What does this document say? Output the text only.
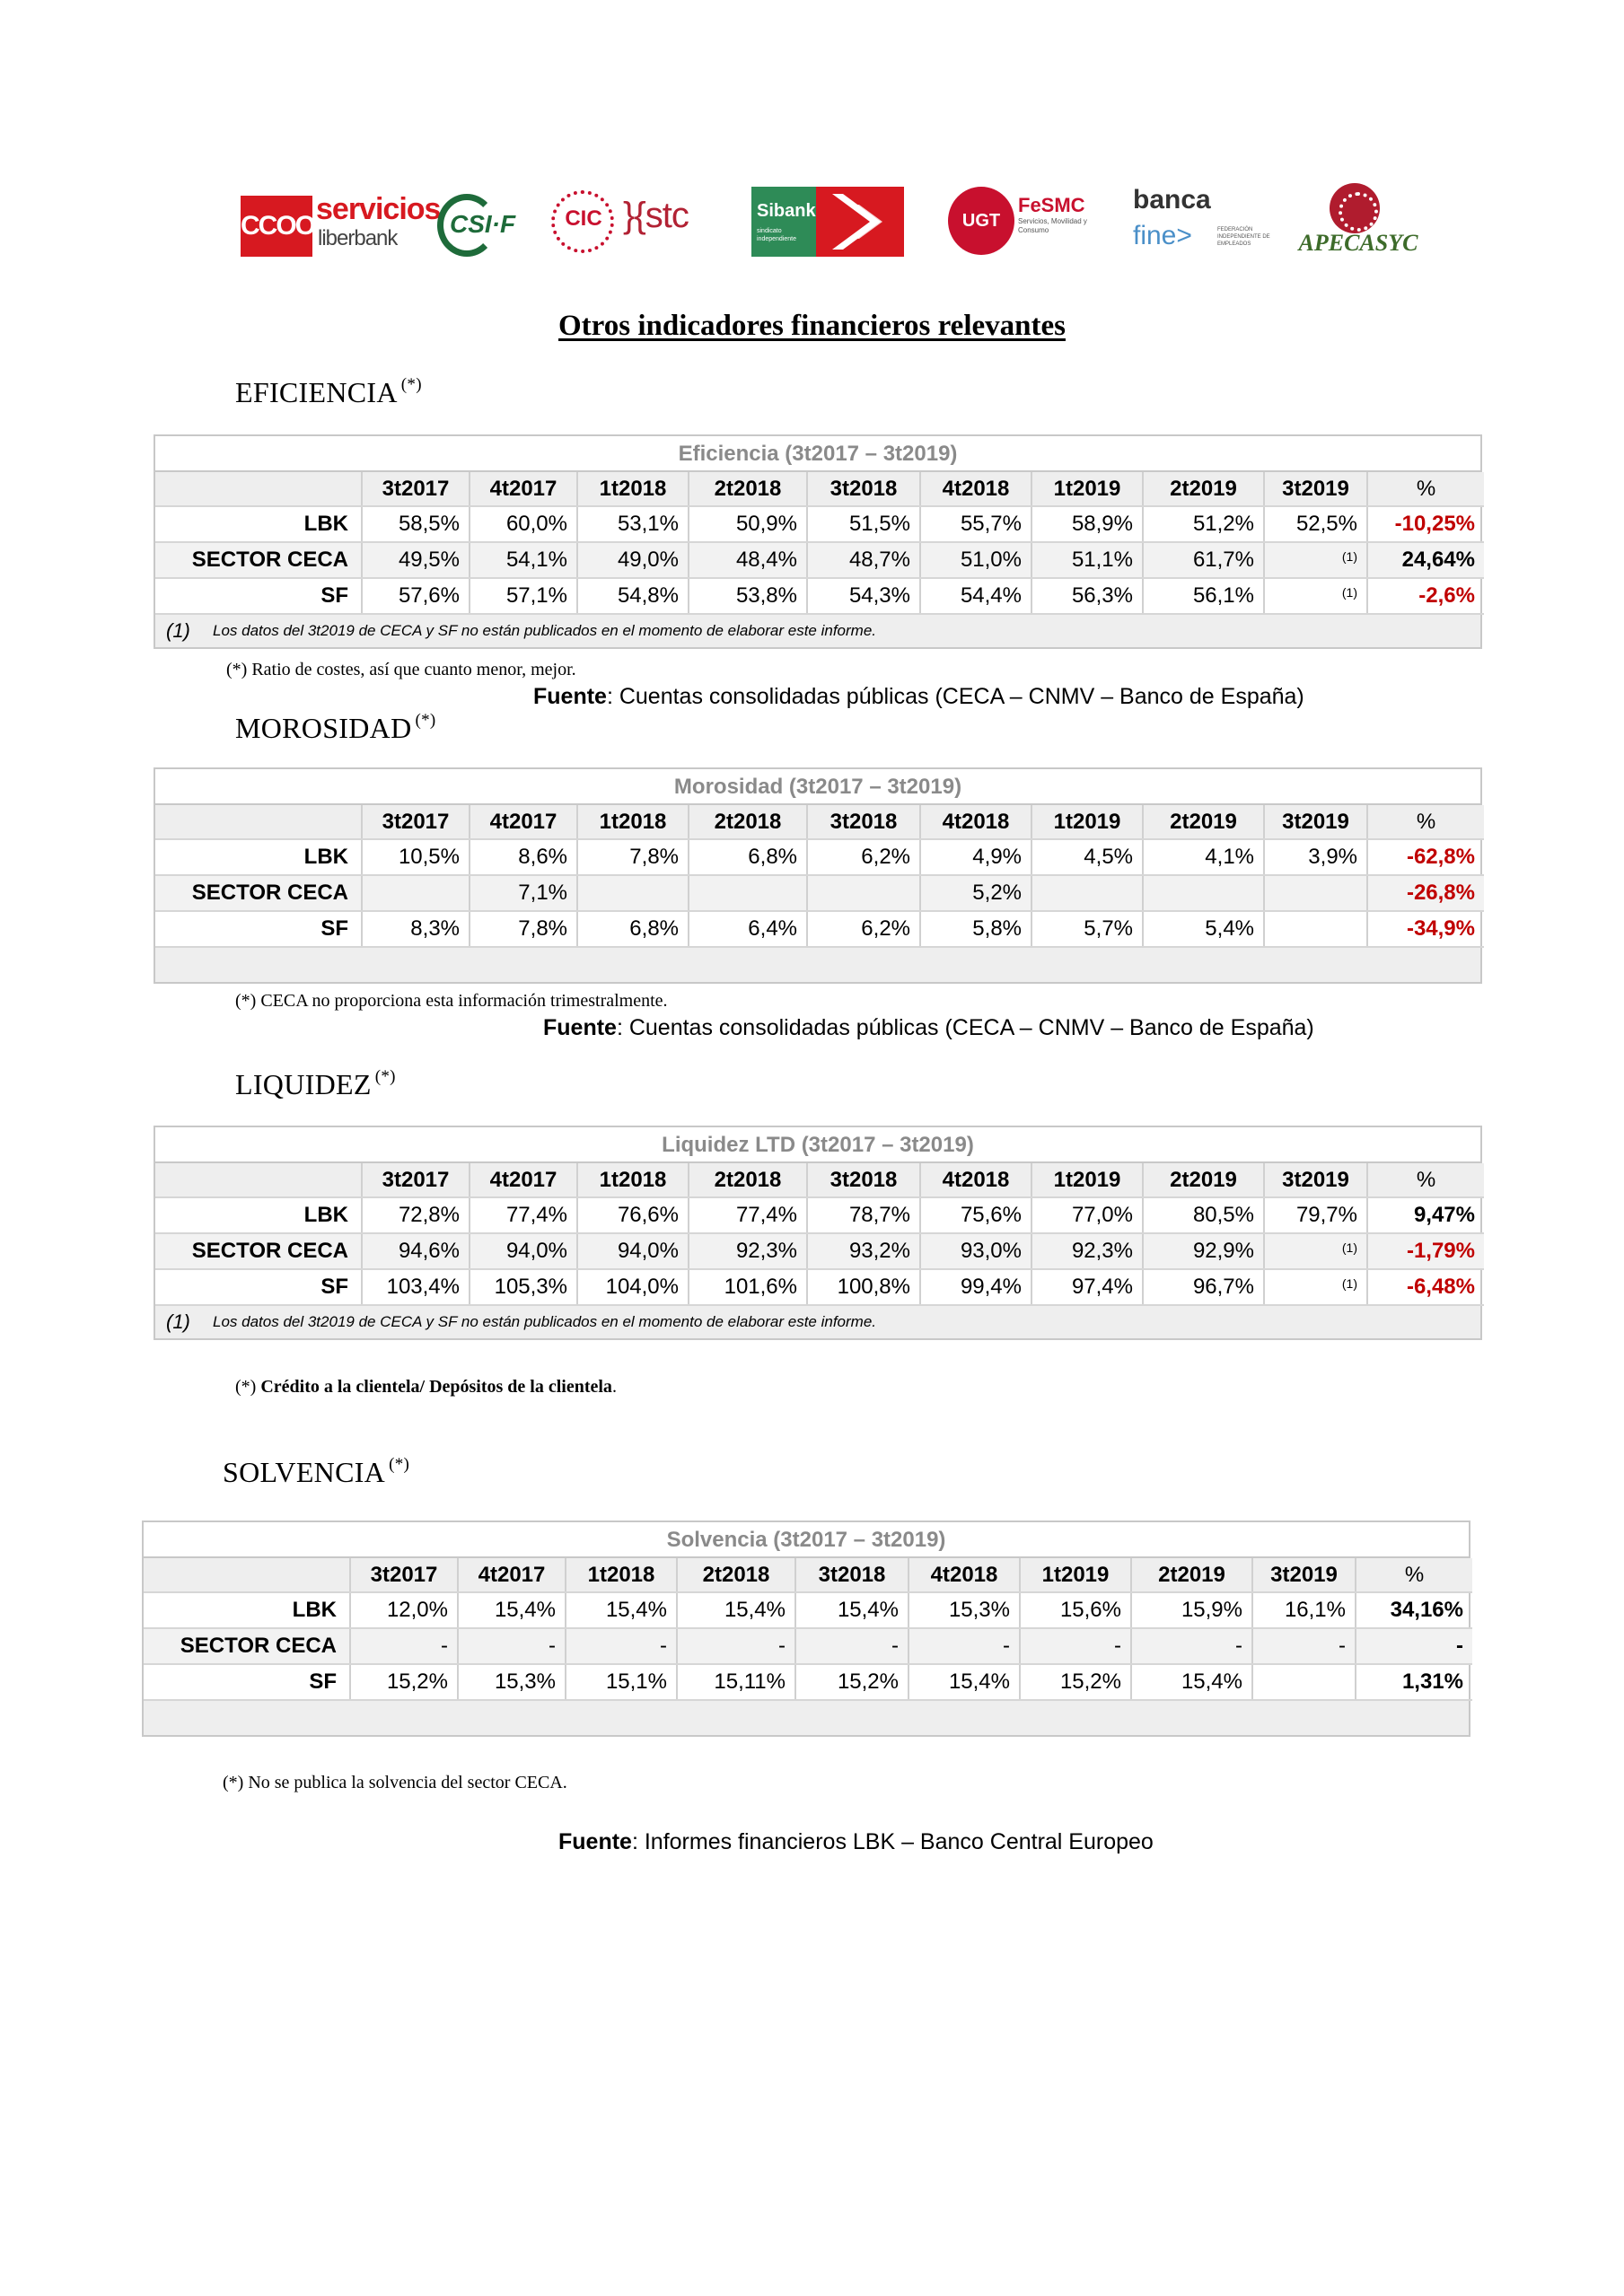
CCOO servicios
liberbank
CSI·F	CIC }{stc	Sibank
sindicato independiente
UGT
FeSMC
Servicios, Movilidad y Consumo
banca
fine>	FEDERACIÓN INDEPENDIENTE DE EMPLEADOS	APECASYC
Otros indicadores financieros relevantes
EFICIENCIA (*)
Eficiencia (3t2017 – 3t2019)
	3t2017	4t2017	1t2018	2t2018	3t2018	4t2018	1t2019	2t2019	3t2019	%
LBK	58,5%	60,0%	53,1%	50,9%	51,5%	55,7%	58,9%	51,2%	52,5%	-10,25%
SECTOR CECA	49,5%	54,1%	49,0%	48,4%	48,7%	51,0%	51,1%	61,7%	(1)	24,64%
SF	57,6%	57,1%	54,8%	53,8%	54,3%	54,4%	56,3%	56,1%	(1)	-2,6%
(1)	Los datos del 3t2019 de CECA y SF no están publicados en el momento de elaborar este informe.
(*) Ratio de costes, así que cuanto menor, mejor.
Fuente: Cuentas consolidadas públicas (CECA – CNMV – Banco de España)
MOROSIDAD (*)
Morosidad (3t2017 – 3t2019)
	3t2017	4t2017	1t2018	2t2018	3t2018	4t2018	1t2019	2t2019	3t2019	%
LBK	10,5%	8,6%	7,8%	6,8%	6,2%	4,9%	4,5%	4,1%	3,9%	-62,8%
SECTOR CECA		7,1%				5,2%				-26,8%
SF	8,3%	7,8%	6,8%	6,4%	6,2%	5,8%	5,7%	5,4%		-34,9%
(*) CECA no proporciona esta información trimestralmente.
Fuente: Cuentas consolidadas públicas (CECA – CNMV – Banco de España)
LIQUIDEZ (*)
Liquidez LTD (3t2017 – 3t2019)
	3t2017	4t2017	1t2018	2t2018	3t2018	4t2018	1t2019	2t2019	3t2019	%
LBK	72,8%	77,4%	76,6%	77,4%	78,7%	75,6%	77,0%	80,5%	79,7%	9,47%
SECTOR CECA	94,6%	94,0%	94,0%	92,3%	93,2%	93,0%	92,3%	92,9%	(1)	-1,79%
SF	103,4%	105,3%	104,0%	101,6%	100,8%	99,4%	97,4%	96,7%	(1)	-6,48%
(1)	Los datos del 3t2019 de CECA y SF no están publicados en el momento de elaborar este informe.
(*) Crédito a la clientela/ Depósitos de la clientela.
SOLVENCIA (*)
Solvencia (3t2017 – 3t2019)
	3t2017	4t2017	1t2018	2t2018	3t2018	4t2018	1t2019	2t2019	3t2019	%
LBK	12,0%	15,4%	15,4%	15,4%	15,4%	15,3%	15,6%	15,9%	16,1%	34,16%
SECTOR CECA	-	-	-	-	-	-	-	-	-	-
SF	15,2%	15,3%	15,1%	15,11%	15,2%	15,4%	15,2%	15,4%		1,31%
(*) No se publica la solvencia del sector CECA.
Fuente: Informes financieros LBK – Banco Central Europeo
